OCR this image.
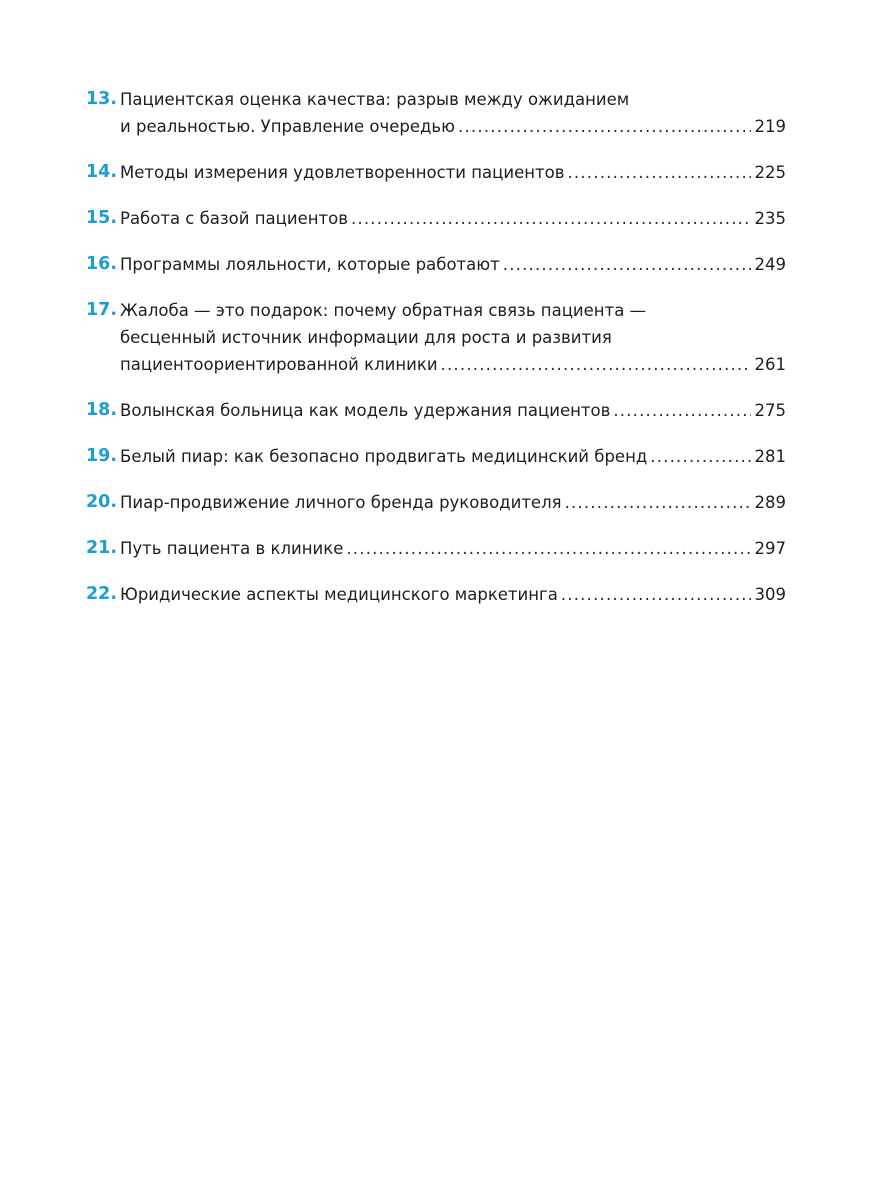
13. Пациентская оценка качества: разрыв между ожиданием
и реальностью. Управление очередью .....	219
14. Методы измерения удовлетворенности пациентов .....	225
15. Работа с базой пациентов .....	235
16. Программы лояльности, которые работают .....	249
17. Жалоба — это подарок: почему обратная связь пациента —
бесценный источник информации для роста и развития
пациентоориентированной клиники .....	261
18. Волынская больница как модель удержания пациентов .....	275
19. Белый пиар: как безопасно продвигать медицинский бренд .....	281
20. Пиар-продвижение личного бренда руководителя .....	289
21. Путь пациента в клинике .....	297
22. Юридические аспекты медицинского маркетинга .....	309
